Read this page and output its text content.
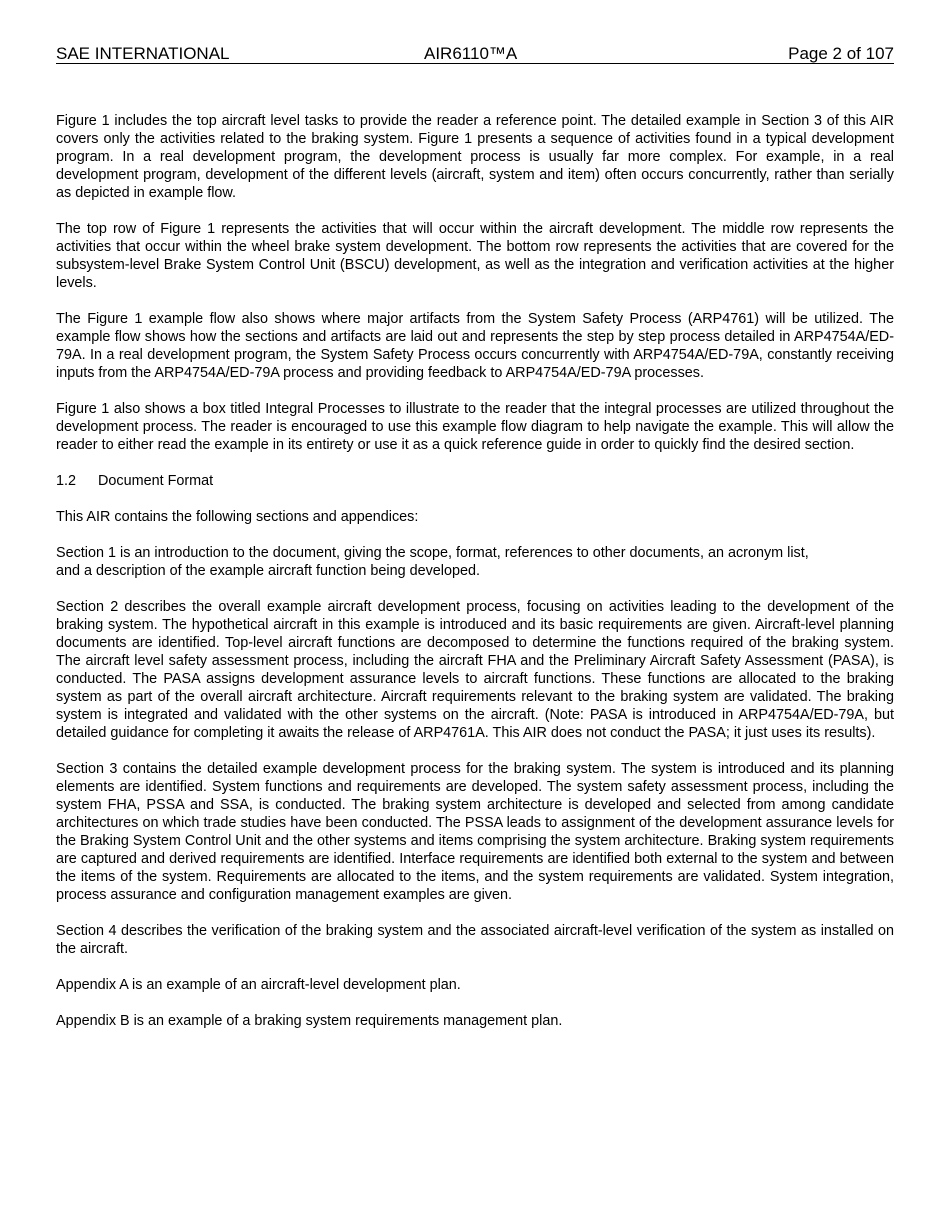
SAE INTERNATIONAL	AIR6110™A	Page 2 of 107

Figure 1 includes the top aircraft level tasks to provide the reader a reference point. The detailed example in Section 3 of this AIR covers only the activities related to the braking system. Figure 1 presents a sequence of activities found in a typical development program. In a real development program, the development process is usually far more complex. For example, in a real development program, development of the different levels (aircraft, system and item) often occurs concurrently, rather than serially as depicted in example flow.

The top row of Figure 1 represents the activities that will occur within the aircraft development. The middle row represents the activities that occur within the wheel brake system development. The bottom row represents the activities that are covered for the subsystem-level Brake System Control Unit (BSCU) development, as well as the integration and verification activities at the higher levels.

The Figure 1 example flow also shows where major artifacts from the System Safety Process (ARP4761) will be utilized. The example flow shows how the sections and artifacts are laid out and represents the step by step process detailed in ARP4754A/ED-79A. In a real development program, the System Safety Process occurs concurrently with ARP4754A/ED-79A, constantly receiving inputs from the ARP4754A/ED-79A process and providing feedback to ARP4754A/ED-79A processes.

Figure 1 also shows a box titled Integral Processes to illustrate to the reader that the integral processes are utilized throughout the development process. The reader is encouraged to use this example flow diagram to help navigate the example. This will allow the reader to either read the example in its entirety or use it as a quick reference guide in order to quickly find the desired section.

1.2 Document Format

This AIR contains the following sections and appendices:

Section 1 is an introduction to the document, giving the scope, format, references to other documents, an acronym list,
and a description of the example aircraft function being developed.

Section 2 describes the overall example aircraft development process, focusing on activities leading to the development of the braking system. The hypothetical aircraft in this example is introduced and its basic requirements are given. Aircraft-level planning documents are identified. Top-level aircraft functions are decomposed to determine the functions required of the braking system. The aircraft level safety assessment process, including the aircraft FHA and the Preliminary Aircraft Safety Assessment (PASA), is conducted. The PASA assigns development assurance levels to aircraft functions. These functions are allocated to the braking system as part of the overall aircraft architecture. Aircraft requirements relevant to the braking system are validated. The braking system is integrated and validated with the other systems on the aircraft. (Note: PASA is introduced in ARP4754A/ED-79A, but detailed guidance for completing it awaits the release of ARP4761A. This AIR does not conduct the PASA; it just uses its results).

Section 3 contains the detailed example development process for the braking system. The system is introduced and its planning elements are identified. System functions and requirements are developed. The system safety assessment process, including the system FHA, PSSA and SSA, is conducted. The braking system architecture is developed and selected from among candidate architectures on which trade studies have been conducted. The PSSA leads to assignment of the development assurance levels for the Braking System Control Unit and the other systems and items comprising the system architecture. Braking system requirements are captured and derived requirements are identified. Interface requirements are identified both external to the system and between the items of the system. Requirements are allocated to the items, and the system requirements are validated. System integration, process assurance and configuration management examples are given.

Section 4 describes the verification of the braking system and the associated aircraft-level verification of the system as installed on the aircraft.

Appendix A is an example of an aircraft-level development plan.

Appendix B is an example of a braking system requirements management plan.
